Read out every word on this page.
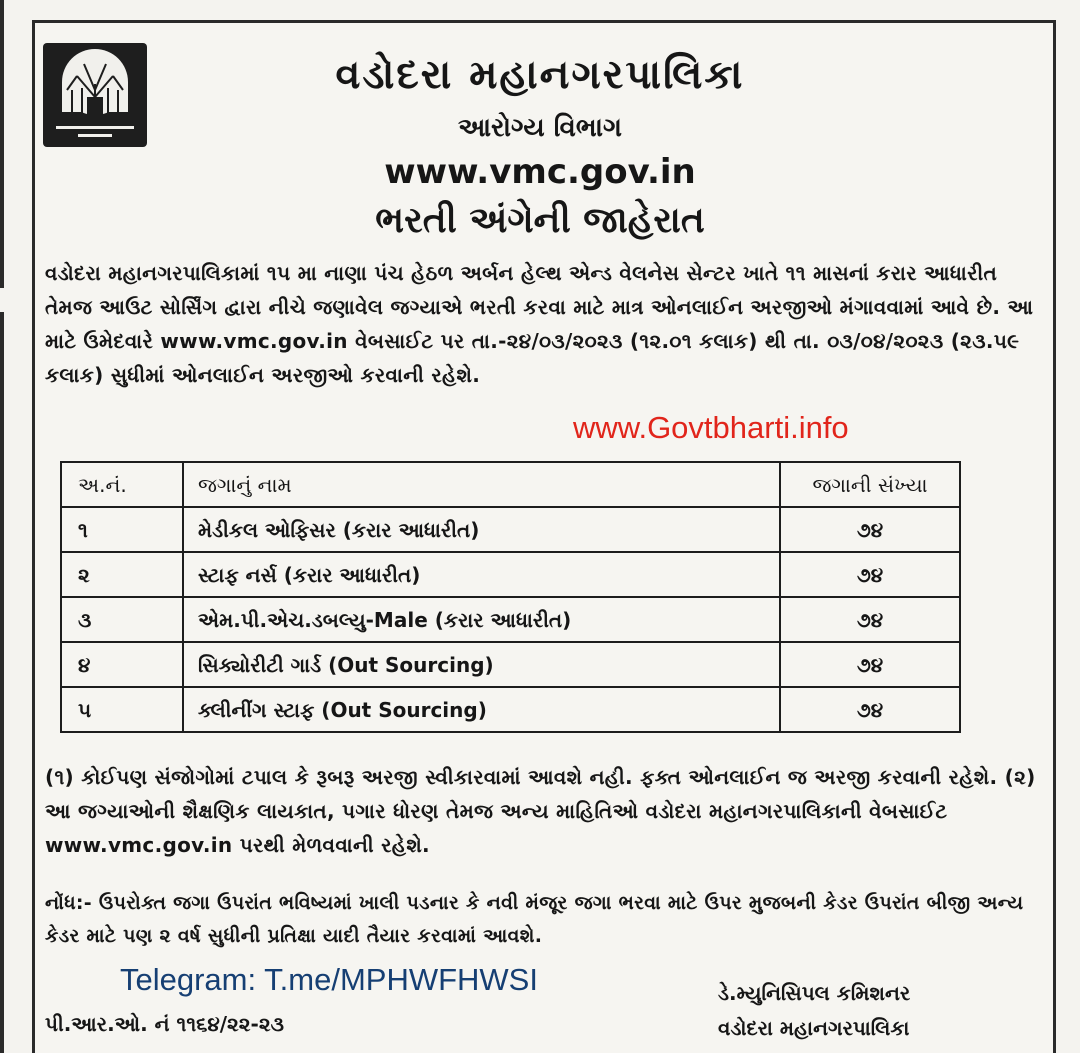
વડોદરા મહાનગરપાલિકા
આરોગ્ય વિભાગ
www.vmc.gov.in
ભરતી અંગેની જાહેરાત

વડોદરા મહાનગરપાલિકામાં ૧૫ મા નાણા પંચ હેઠળ અર્બન હેલ્થ એન્ડ વેલનેસ સેન્ટર ખાતે ૧૧ માસનાં કરાર આધારીત તેમજ આઉટ સોર્સિંગ દ્વારા નીચે જણાવેલ જગ્યાએ ભરતી કરવા માટે માત્ર ઓનલાઈન અરજીઓ મંગાવવામાં આવે છે. આ માટે ઉમેદવારે www.vmc.gov.in વેબસાઈટ પર તા.-૨૪/૦૩/૨૦૨૩ (૧૨.૦૧ કલાક) થી તા. ૦૩/૦૪/૨૦૨૩ (૨૩.૫૯ કલાક) સુધીમાં ઓનલાઈન અરજીઓ કરવાની રહેશે.

www.Govtbharti.info
અ.નં.	જગાનું નામ	જગાની સંખ્યા
૧	મેડીકલ ઓફિસર (કરાર આધારીત)	૭૪
૨	સ્ટાફ નર્સ (કરાર આધારીત)	૭૪
૩	એમ.પી.એચ.ડબલ્યુ-Male (કરાર આધારીત)	૭૪
૪	સિક્યોરીટી ગાર્ડ (Out Sourcing)	૭૪
૫	ક્લીનીંગ સ્ટાફ (Out Sourcing)	૭૪

(૧) કોઈપણ સંજોગોમાં ટપાલ કે રૂબરૂ અરજી સ્વીકારવામાં આવશે નહી. ફક્ત ઓનલાઈન જ અરજી કરવાની રહેશે. (૨) આ જગ્યાઓની શૈક્ષણિક લાયકાત, પગાર ધોરણ તેમજ અન્ય માહિતિઓ વડોદરા મહાનગરપાલિકાની વેબસાઈટ www.vmc.gov.in પરથી મેળવવાની રહેશે.

નોંધ:- ઉપરોક્ત જગા ઉપરાંત ભવિષ્યમાં ખાલી પડનાર કે નવી મંજૂર જગા ભરવા માટે ઉપર મુજબની કેડર ઉપરાંત બીજી અન્ય કેડર માટે પણ ૨ વર્ષ સુધીની પ્રતિક્ષા યાદી તૈયાર કરવામાં આવશે.

Telegram: T.me/MPHWFHWSI	ડે.મ્યુનિસિપલ કમિશનર
વડોદરા મહાનગરપાલિકા
પી.આર.ઓ. નં ૧૧૬૪/૨૨-૨૩
